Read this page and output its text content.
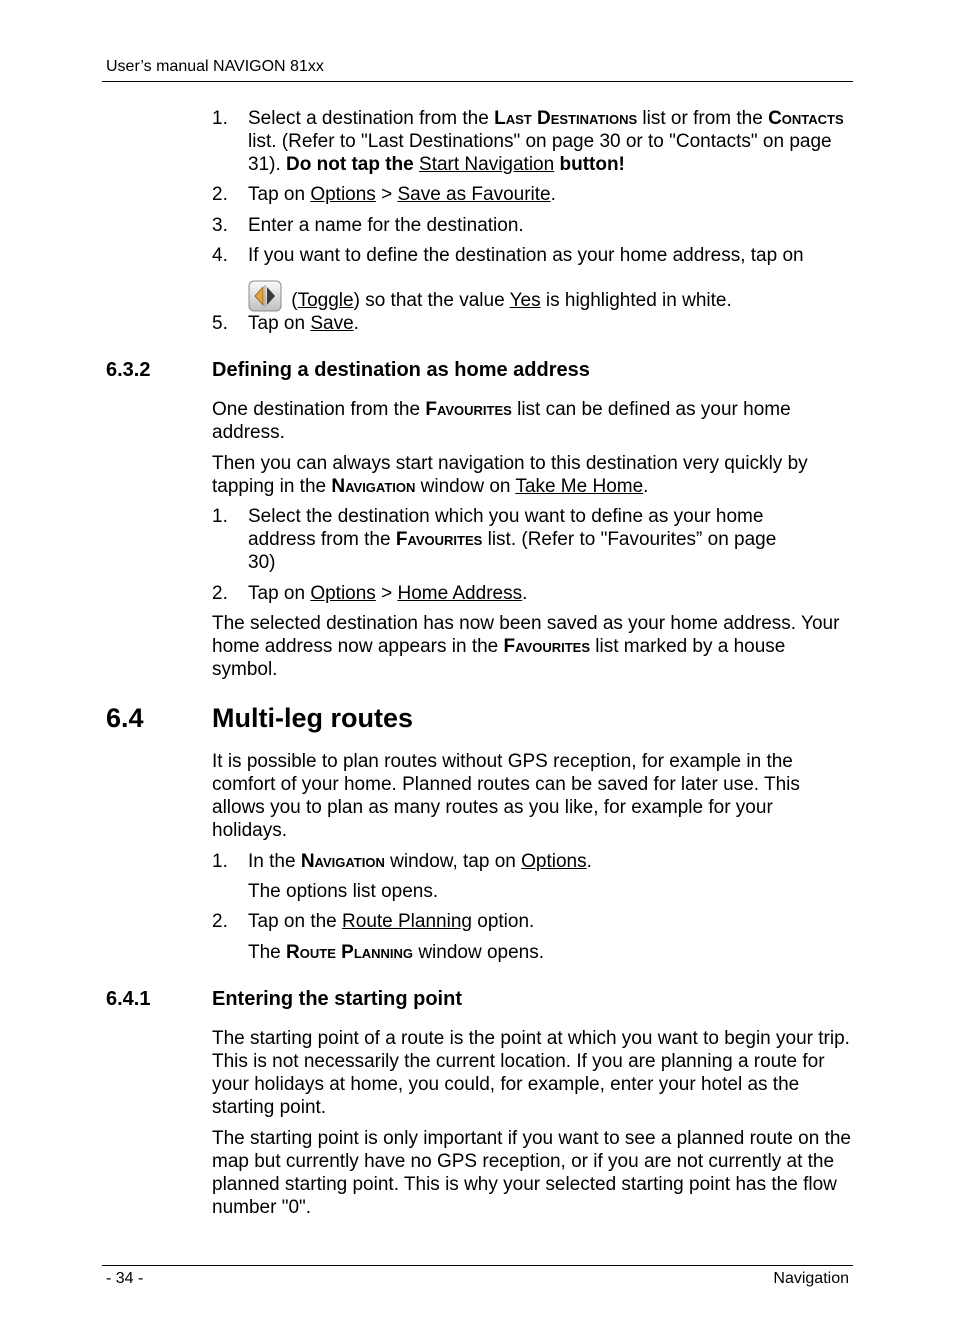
User’s manual NAVIGON 81xx
1. Select a destination from the Last Destinations list or from the Contacts list. (Refer to "Last Destinations" on page 30 or to "Contacts" on page 31). Do not tap the Start Navigation button!
2. Tap on Options > Save as Favourite.
3. Enter a name for the destination.
4. If you want to define the destination as your home address, tap on
(Toggle) so that the value Yes is highlighted in white.
5. Tap on Save.
6.3.2	Defining a destination as home address
One destination from the Favourites list can be defined as your home address.
Then you can always start navigation to this destination very quickly by tapping in the Navigation window on Take Me Home.
1. Select the destination which you want to define as your home address from the Favourites list. (Refer to "Favourites” on page 30)
2. Tap on Options > Home Address.
The selected destination has now been saved as your home address. Your home address now appears in the Favourites list marked by a house symbol.
6.4	Multi-leg routes
It is possible to plan routes without GPS reception, for example in the comfort of your home. Planned routes can be saved for later use. This allows you to plan as many routes as you like, for example for your holidays.
1. In the Navigation window, tap on Options.
The options list opens.
2. Tap on the Route Planning option.
The Route Planning window opens.
6.4.1	Entering the starting point
The starting point of a route is the point at which you want to begin your trip. This is not necessarily the current location. If you are planning a route for your holidays at home, you could, for example, enter your hotel as the starting point.
The starting point is only important if you want to see a planned route on the map but currently have no GPS reception, or if you are not currently at the planned starting point. This is why your selected starting point has the flow number "0".
- 34 -	Navigation
